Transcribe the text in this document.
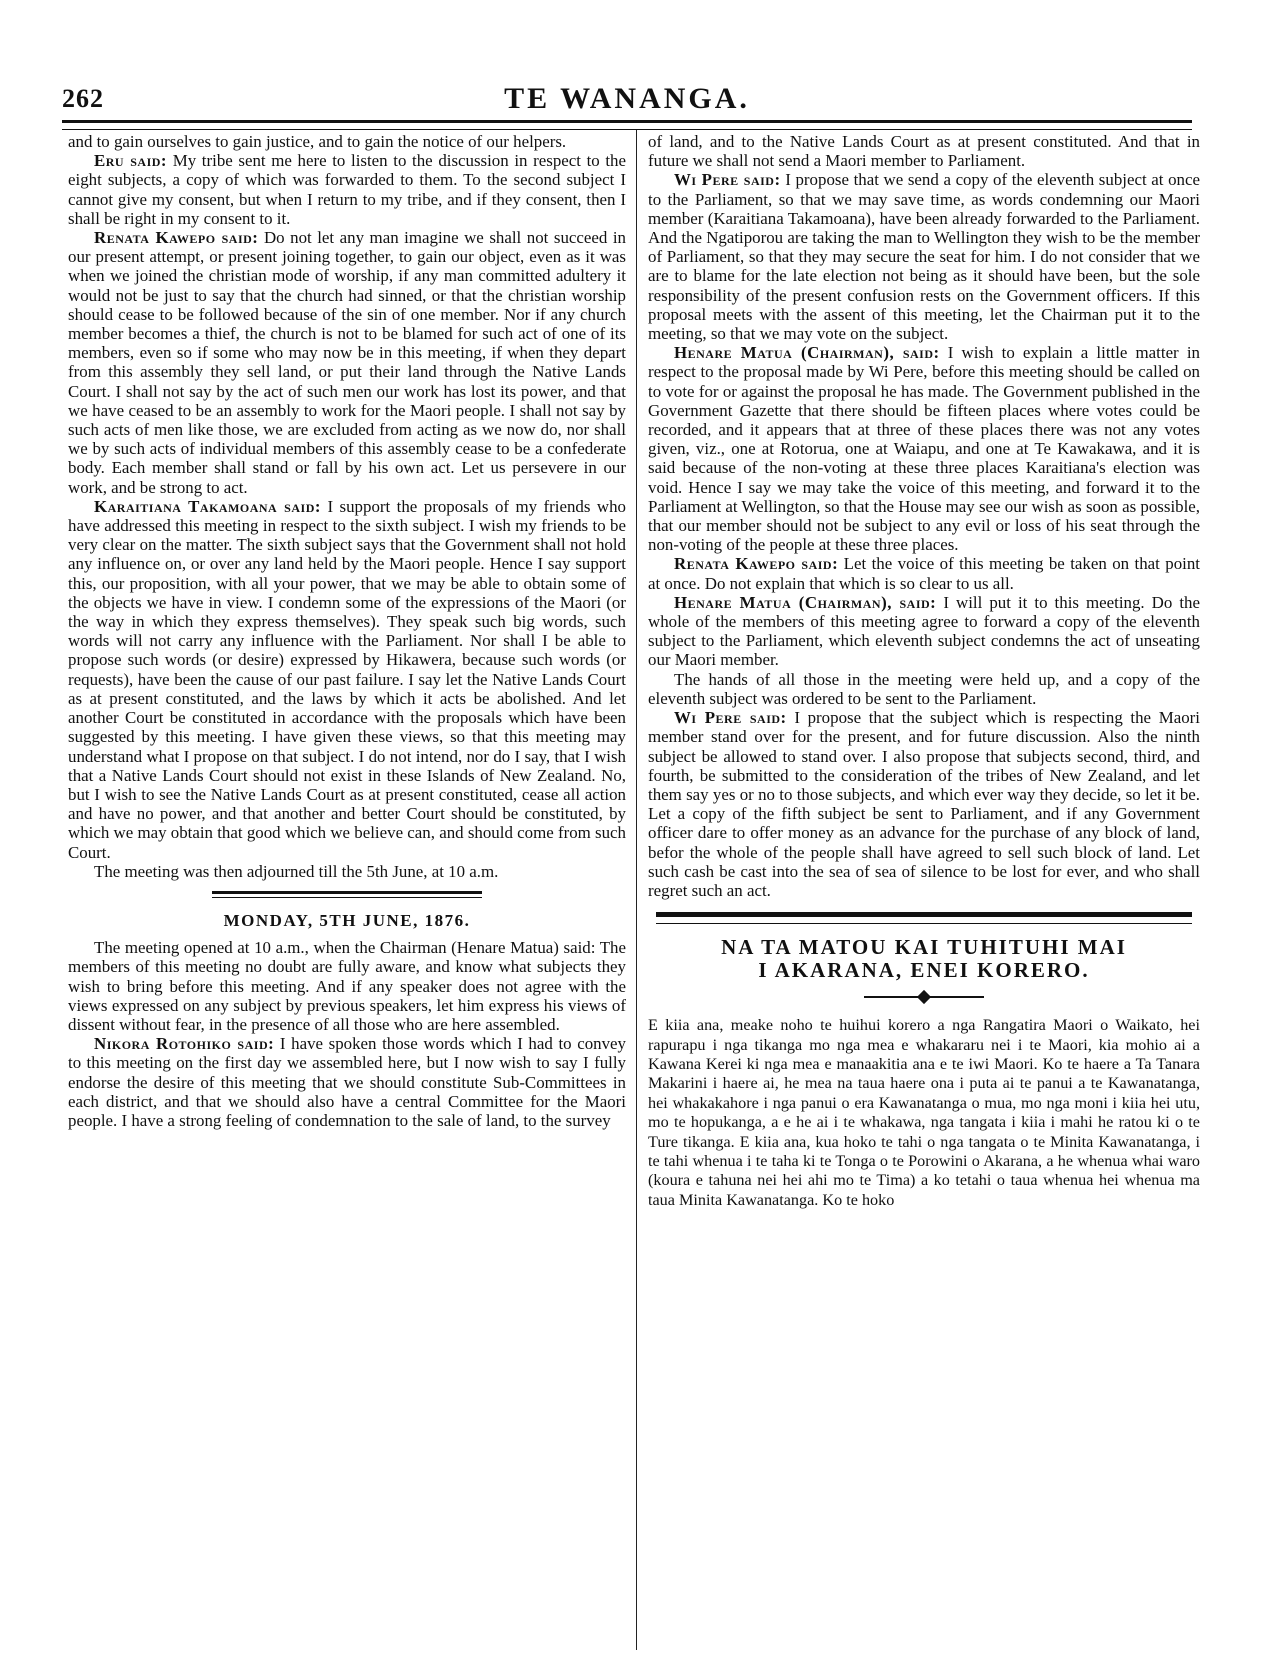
262	TE WANANGA.

and to gain ourselves to gain justice, and to gain the notice of our helpers.

Eru said: My tribe sent me here to listen to the discussion in respect to the eight subjects, a copy of which was forwarded to them. To the second subject I cannot give my consent, but when I return to my tribe, and if they consent, then I shall be right in my consent to it.

Renata Kawepo said: Do not let any man imagine we shall not succeed in our present attempt, or present joining together, to gain our object, even as it was when we joined the christian mode of worship, if any man committed adultery it would not be just to say that the church had sinned, or that the christian worship should cease to be followed because of the sin of one member. Nor if any church member becomes a thief, the church is not to be blamed for such act of one of its members, even so if some who may now be in this meeting, if when they depart from this assembly they sell land, or put their land through the Native Lands Court. I shall not say by the act of such men our work has lost its power, and that we have ceased to be an assembly to work for the Maori people. I shall not say by such acts of men like those, we are excluded from acting as we now do, nor shall we by such acts of individual members of this assembly cease to be a confederate body. Each member shall stand or fall by his own act. Let us persevere in our work, and be strong to act.

Karaitiana Takamoana said: I support the proposals of my friends who have addressed this meeting in respect to the sixth subject. I wish my friends to be very clear on the matter. The sixth subject says that the Government shall not hold any influence on, or over any land held by the Maori people. Hence I say support this, our proposition, with all your power, that we may be able to obtain some of the objects we have in view. I condemn some of the expressions of the Maori (or the way in which they express themselves). They speak such big words, such words will not carry any influence with the Parliament. Nor shall I be able to propose such words (or desire) expressed by Hikawera, because such words (or requests), have been the cause of our past failure. I say let the Native Lands Court as at present constituted, and the laws by which it acts be abolished. And let another Court be constituted in accordance with the proposals which have been suggested by this meeting. I have given these views, so that this meeting may understand what I propose on that subject. I do not intend, nor do I say, that I wish that a Native Lands Court should not exist in these Islands of New Zealand. No, but I wish to see the Native Lands Court as at present constituted, cease all action and have no power, and that another and better Court should be constituted, by which we may obtain that good which we believe can, and should come from such Court.

The meeting was then adjourned till the 5th June, at 10 a.m.

MONDAY, 5TH JUNE, 1876.

The meeting opened at 10 a.m., when the Chairman (Henare Matua) said: The members of this meeting no doubt are fully aware, and know what subjects they wish to bring before this meeting. And if any speaker does not agree with the views expressed on any subject by previous speakers, let him express his views of dissent without fear, in the presence of all those who are here assembled.

Nikora Rotohiko said: I have spoken those words which I had to convey to this meeting on the first day we assembled here, but I now wish to say I fully endorse the desire of this meeting that we should constitute Sub-Committees in each district, and that we should also have a central Committee for the Maori people. I have a strong feeling of condemnation to the sale of land, to the survey

of land, and to the Native Lands Court as at present constituted. And that in future we shall not send a Maori member to Parliament.

Wi Pere said: I propose that we send a copy of the eleventh subject at once to the Parliament, so that we may save time, as words condemning our Maori member (Karaitiana Takamoana), have been already forwarded to the Parliament. And the Ngatiporou are taking the man to Wellington they wish to be the member of Parliament, so that they may secure the seat for him. I do not consider that we are to blame for the late election not being as it should have been, but the sole responsibility of the present confusion rests on the Government officers. If this proposal meets with the assent of this meeting, let the Chairman put it to the meeting, so that we may vote on the subject.

Henare Matua (Chairman), said: I wish to explain a little matter in respect to the proposal made by Wi Pere, before this meeting should be called on to vote for or against the proposal he has made. The Government published in the Government Gazette that there should be fifteen places where votes could be recorded, and it appears that at three of these places there was not any votes given, viz., one at Rotorua, one at Waiapu, and one at Te Kawakawa, and it is said because of the non-voting at these three places Karaitiana's election was void. Hence I say we may take the voice of this meeting, and forward it to the Parliament at Wellington, so that the House may see our wish as soon as possible, that our member should not be subject to any evil or loss of his seat through the non-voting of the people at these three places.

Renata Kawepo said: Let the voice of this meeting be taken on that point at once. Do not explain that which is so clear to us all.

Henare Matua (Chairman), said: I will put it to this meeting. Do the whole of the members of this meeting agree to forward a copy of the eleventh subject to the Parliament, which eleventh subject condemns the act of unseating our Maori member.

The hands of all those in the meeting were held up, and a copy of the eleventh subject was ordered to be sent to the Parliament.

Wi Pere said: I propose that the subject which is respecting the Maori member stand over for the present, and for future discussion. Also the ninth subject be allowed to stand over. I also propose that subjects second, third, and fourth, be submitted to the consideration of the tribes of New Zealand, and let them say yes or no to those subjects, and which ever way they decide, so let it be. Let a copy of the fifth subject be sent to Parliament, and if any Government officer dare to offer money as an advance for the purchase of any block of land, befor the whole of the people shall have agreed to sell such block of land. Let such cash be cast into the sea of sea of silence to be lost for ever, and who shall regret such an act.

NA TA MATOU KAI TUHITUHI MAI
I AKARANA, ENEI KORERO.

E kiia ana, meake noho te huihui korero a nga Rangatira Maori o Waikato, hei rapurapu i nga tikanga mo nga mea e whakararu nei i te Maori, kia mohio ai a Kawana Kerei ki nga mea e manaakitia ana e te iwi Maori. Ko te haere a Ta Tanara Makarini i haere ai, he mea na taua haere ona i puta ai te panui a te Kawanatanga, hei whakakahore i nga panui o era Kawanatanga o mua, mo nga moni i kiia hei utu, mo te hopukanga, a e he ai i te whakawa, nga tangata i kiia i mahi he ratou ki o te Ture tikanga. E kiia ana, kua hoko te tahi o nga tangata o te Minita Kawanatanga, i te tahi whenua i te taha ki te Tonga o te Porowini o Akarana, a he whenua whai waro (koura e tahuna nei hei ahi mo te Tima) a ko tetahi o taua whenua hei whenua ma taua Minita Kawanatanga. Ko te hoko
